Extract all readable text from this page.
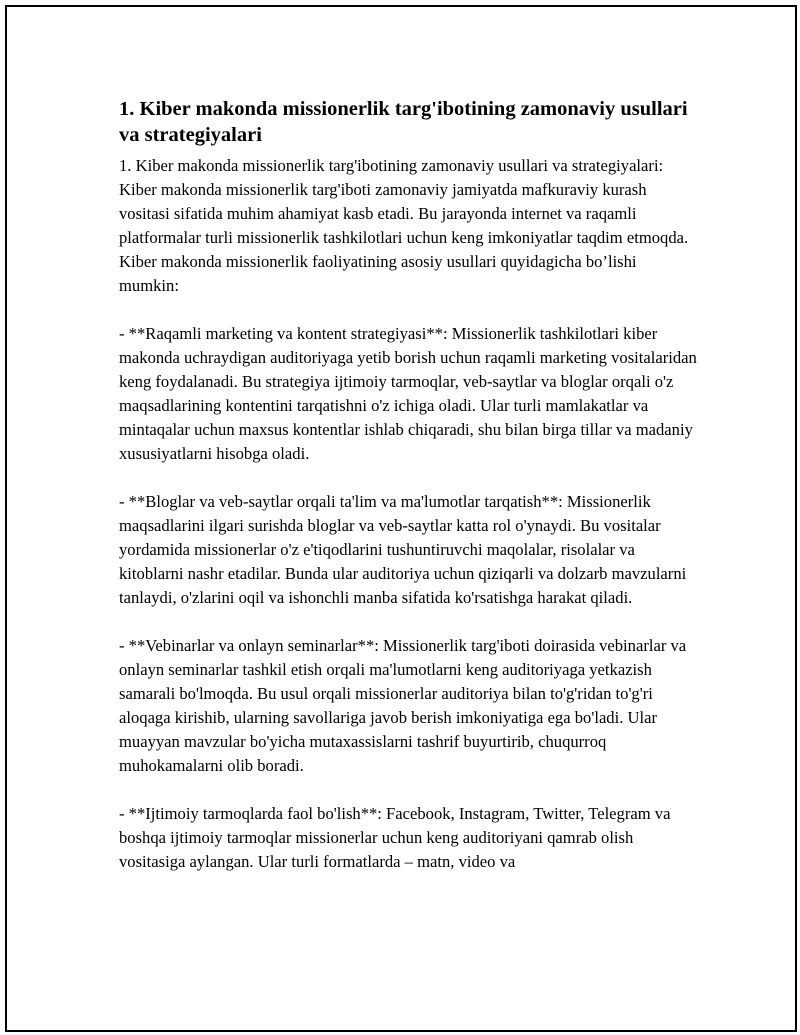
1. Kiber makonda missionerlik targ'ibotining zamonaviy usullari va strategiyalari

1. Kiber makonda missionerlik targ'ibotining zamonaviy usullari va strategiyalari: Kiber makonda missionerlik targ'iboti zamonaviy jamiyatda mafkuraviy kurash vositasi sifatida muhim ahamiyat kasb etadi. Bu jarayonda internet va raqamli platformalar turli missionerlik tashkilotlari uchun keng imkoniyatlar taqdim etmoqda. Kiber makonda missionerlik faoliyatining asosiy usullari quyidagicha bo’lishi mumkin:

- **Raqamli marketing va kontent strategiyasi**: Missionerlik tashkilotlari kiber makonda uchraydigan auditoriyaga yetib borish uchun raqamli marketing vositalaridan keng foydalanadi. Bu strategiya ijtimoiy tarmoqlar, veb-saytlar va bloglar orqali o'z maqsadlarining kontentini tarqatishni o'z ichiga oladi. Ular turli mamlakatlar va mintaqalar uchun maxsus kontentlar ishlab chiqaradi, shu bilan birga tillar va madaniy xususiyatlarni hisobga oladi.

- **Bloglar va veb-saytlar orqali ta'lim va ma'lumotlar tarqatish**: Missionerlik maqsadlarini ilgari surishda bloglar va veb-saytlar katta rol o'ynaydi. Bu vositalar yordamida missionerlar o'z e'tiqodlarini tushuntiruvchi maqolalar, risolalar va kitoblarni nashr etadilar. Bunda ular auditoriya uchun qiziqarli va dolzarb mavzularni tanlaydi, o'zlarini oqil va ishonchli manba sifatida ko'rsatishga harakat qiladi.

- **Vebinarlar va onlayn seminarlar**: Missionerlik targ'iboti doirasida vebinarlar va onlayn seminarlar tashkil etish orqali ma'lumotlarni keng auditoriyaga yetkazish samarali bo'lmoqda. Bu usul orqali missionerlar auditoriya bilan to'g'ridan to'g'ri aloqaga kirishib, ularning savollariga javob berish imkoniyatiga ega bo'ladi. Ular muayyan mavzular bo'yicha mutaxassislarni tashrif buyurtirib, chuqurroq muhokamalarni olib boradi.

- **Ijtimoiy tarmoqlarda faol bo'lish**: Facebook, Instagram, Twitter, Telegram va boshqa ijtimoiy tarmoqlar missionerlar uchun keng auditoriyani qamrab olish vositasiga aylangan. Ular turli formatlarda – matn, video va
